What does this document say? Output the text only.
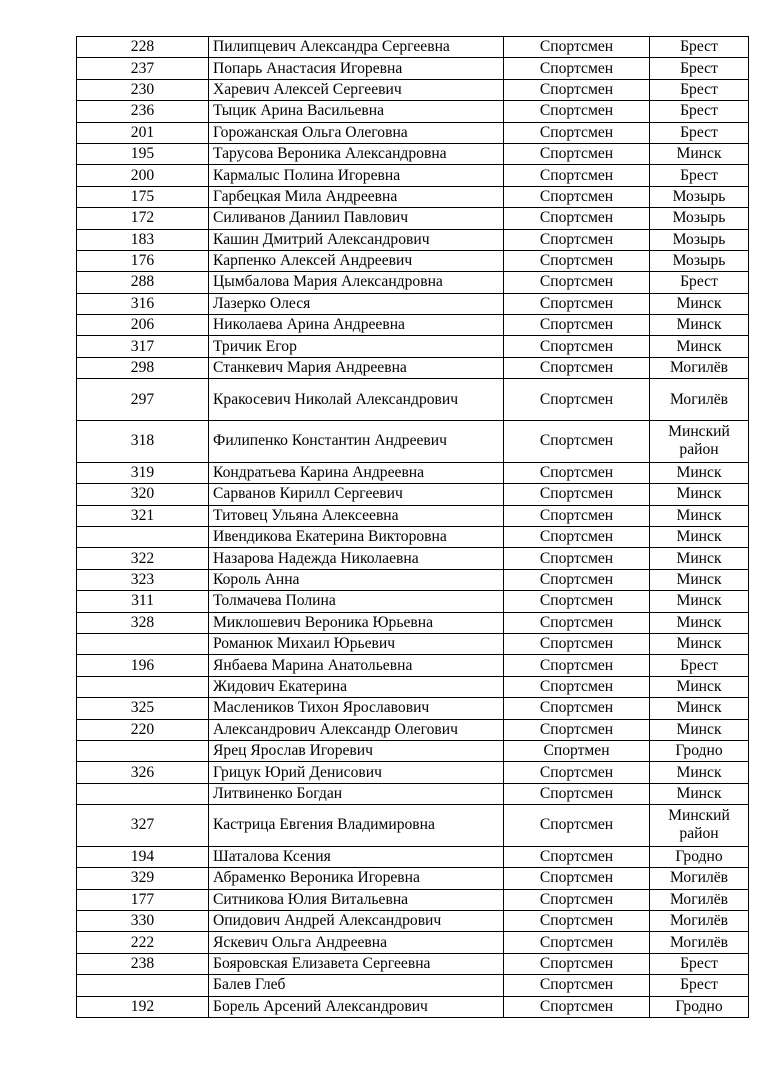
228	Пилипцевич Александра Сергеевна	Спортсмен	Брест
237	Попарь Анастасия Игоревна	Спортсмен	Брест
230	Харевич Алексей Сергеевич	Спортсмен	Брест
236	Тыцик Арина Васильевна	Спортсмен	Брест
201	Горожанская Ольга Олеговна	Спортсмен	Брест
195	Тарусова Вероника Александровна	Спортсмен	Минск
200	Кармалыс Полина Игоревна	Спортсмен	Брест
175	Гарбецкая Мила Андреевна	Спортсмен	Мозырь
172	Силиванов Даниил Павлович	Спортсмен	Мозырь
183	Кашин Дмитрий Александрович	Спортсмен	Мозырь
176	Карпенко Алексей Андреевич	Спортсмен	Мозырь
288	Цымбалова Мария Александровна	Спортсмен	Брест
316	Лазерко Олеся	Спортсмен	Минск
206	Николаева Арина Андреевна	Спортсмен	Минск
317	Тричик Егор	Спортсмен	Минск
298	Станкевич Мария Андреевна	Спортсмен	Могилёв
297	Кракосевич Николай Александрович	Спортсмен	Могилёв
318	Филипенко Константин Андреевич	Спортсмен	Минский район
319	Кондратьева Карина Андреевна	Спортсмен	Минск
320	Сарванов Кирилл Сергеевич	Спортсмен	Минск
321	Титовец Ульяна Алексеевна	Спортсмен	Минск
	Ивендикова Екатерина Викторовна	Спортсмен	Минск
322	Назарова Надежда Николаевна	Спортсмен	Минск
323	Король Анна	Спортсмен	Минск
311	Толмачева Полина	Спортсмен	Минск
328	Миклошевич Вероника Юрьевна	Спортсмен	Минск
	Романюк Михаил Юрьевич	Спортсмен	Минск
196	Янбаева Марина Анатольевна	Спортсмен	Брест
	Жидович Екатерина	Спортсмен	Минск
325	Маслеников Тихон Ярославович	Спортсмен	Минск
220	Александрович Александр Олегович	Спортсмен	Минск
	Ярец Ярослав Игоревич	Спортмен	Гродно
326	Грицук Юрий Денисович	Спортсмен	Минск
	Литвиненко Богдан	Спортсмен	Минск
327	Кастрица Евгения Владимировна	Спортсмен	Минский район
194	Шаталова Ксения	Спортсмен	Гродно
329	Абраменко Вероника Игоревна	Спортсмен	Могилёв
177	Ситникова Юлия Витальевна	Спортсмен	Могилёв
330	Опидович Андрей Александрович	Спортсмен	Могилёв
222	Яскевич Ольга Андреевна	Спортсмен	Могилёв
238	Бояровская Елизавета Сергеевна	Спортсмен	Брест
	Балев Глеб	Спортсмен	Брест
192	Борель Арсений Александрович	Спортсмен	Гродно
